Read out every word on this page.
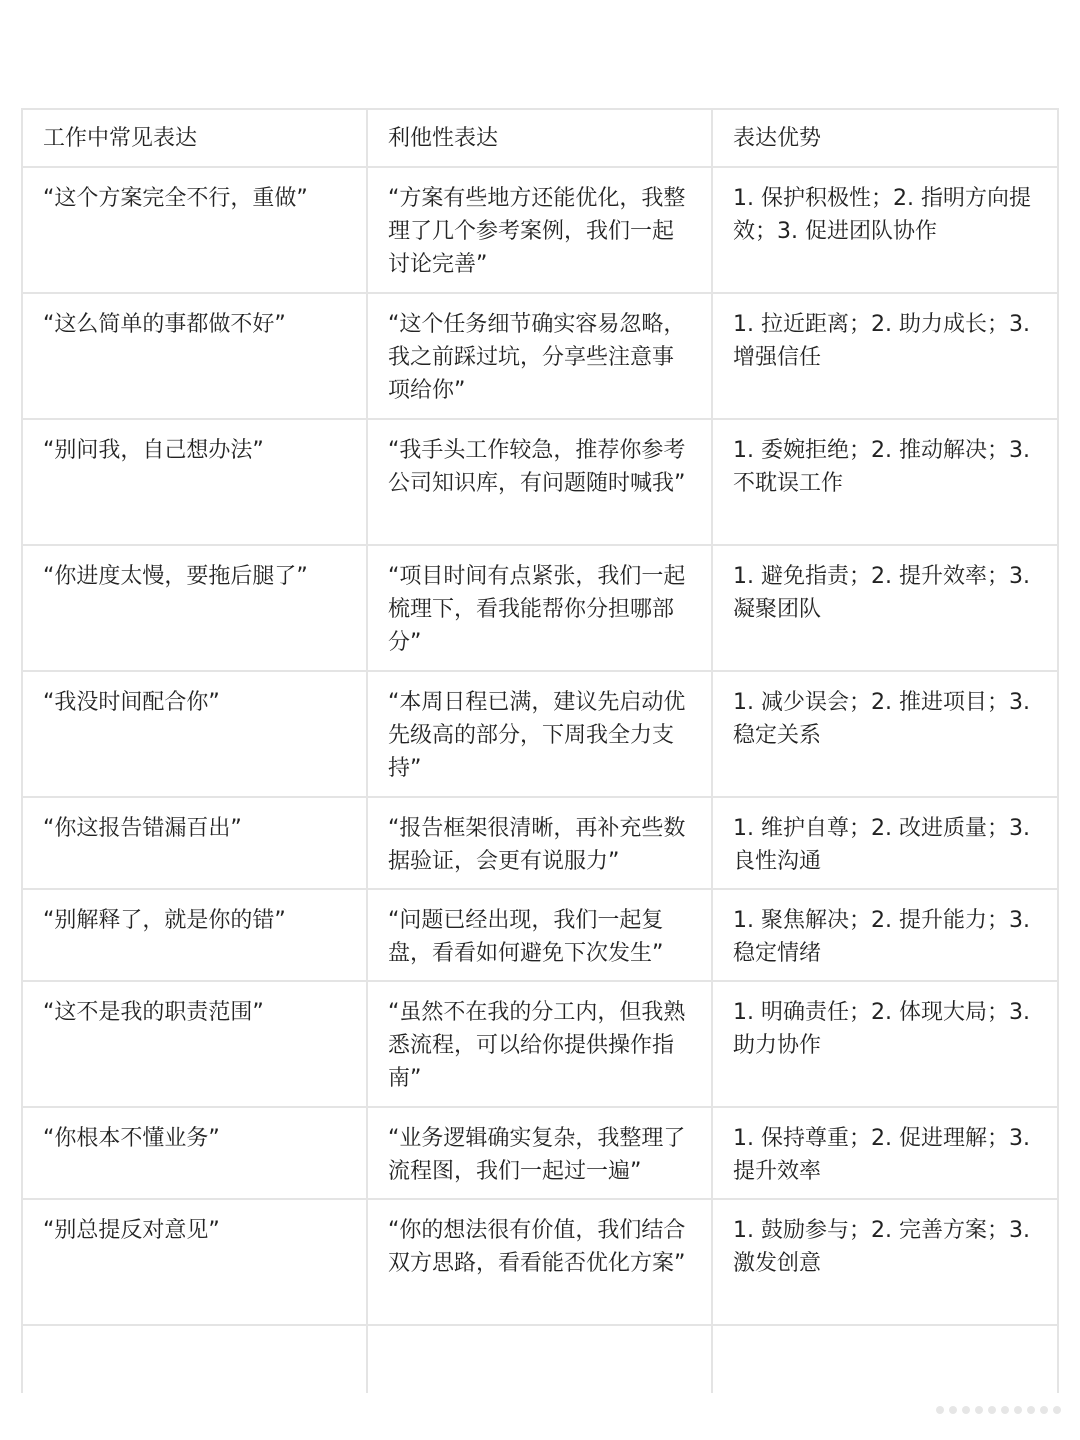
工作中常见表达	利他性表达	表达优势
“这个方案完全不行，重做”	“方案有些地方还能优化，我整理了几个参考案例，我们一起讨论完善”	1. 保护积极性；2. 指明方向提效；3. 促进团队协作
“这么简单的事都做不好”	“这个任务细节确实容易忽略，我之前踩过坑，分享些注意事项给你”	1. 拉近距离；2. 助力成长；3. 增强信任
“别问我，自己想办法”	“我手头工作较急，推荐你参考公司知识库，有问题随时喊我”	1. 委婉拒绝；2. 推动解决；3. 不耽误工作
“你进度太慢，要拖后腿了”	“项目时间有点紧张，我们一起梳理下，看我能帮你分担哪部分”	1. 避免指责；2. 提升效率；3. 凝聚团队
“我没时间配合你”	“本周日程已满，建议先启动优先级高的部分，下周我全力支持”	1. 减少误会；2. 推进项目；3. 稳定关系
“你这报告错漏百出”	“报告框架很清晰，再补充些数据验证，会更有说服力”	1. 维护自尊；2. 改进质量；3. 良性沟通
“别解释了，就是你的错”	“问题已经出现，我们一起复盘，看看如何避免下次发生”	1. 聚焦解决；2. 提升能力；3. 稳定情绪
“这不是我的职责范围”	“虽然不在我的分工内，但我熟悉流程，可以给你提供操作指南”	1. 明确责任；2. 体现大局；3. 助力协作
“你根本不懂业务”	“业务逻辑确实复杂，我整理了流程图，我们一起过一遍”	1. 保持尊重；2. 促进理解；3. 提升效率
“别总提反对意见”	“你的想法很有价值，我们结合双方思路，看看能否优化方案”	1. 鼓励参与；2. 完善方案；3. 激发创意
